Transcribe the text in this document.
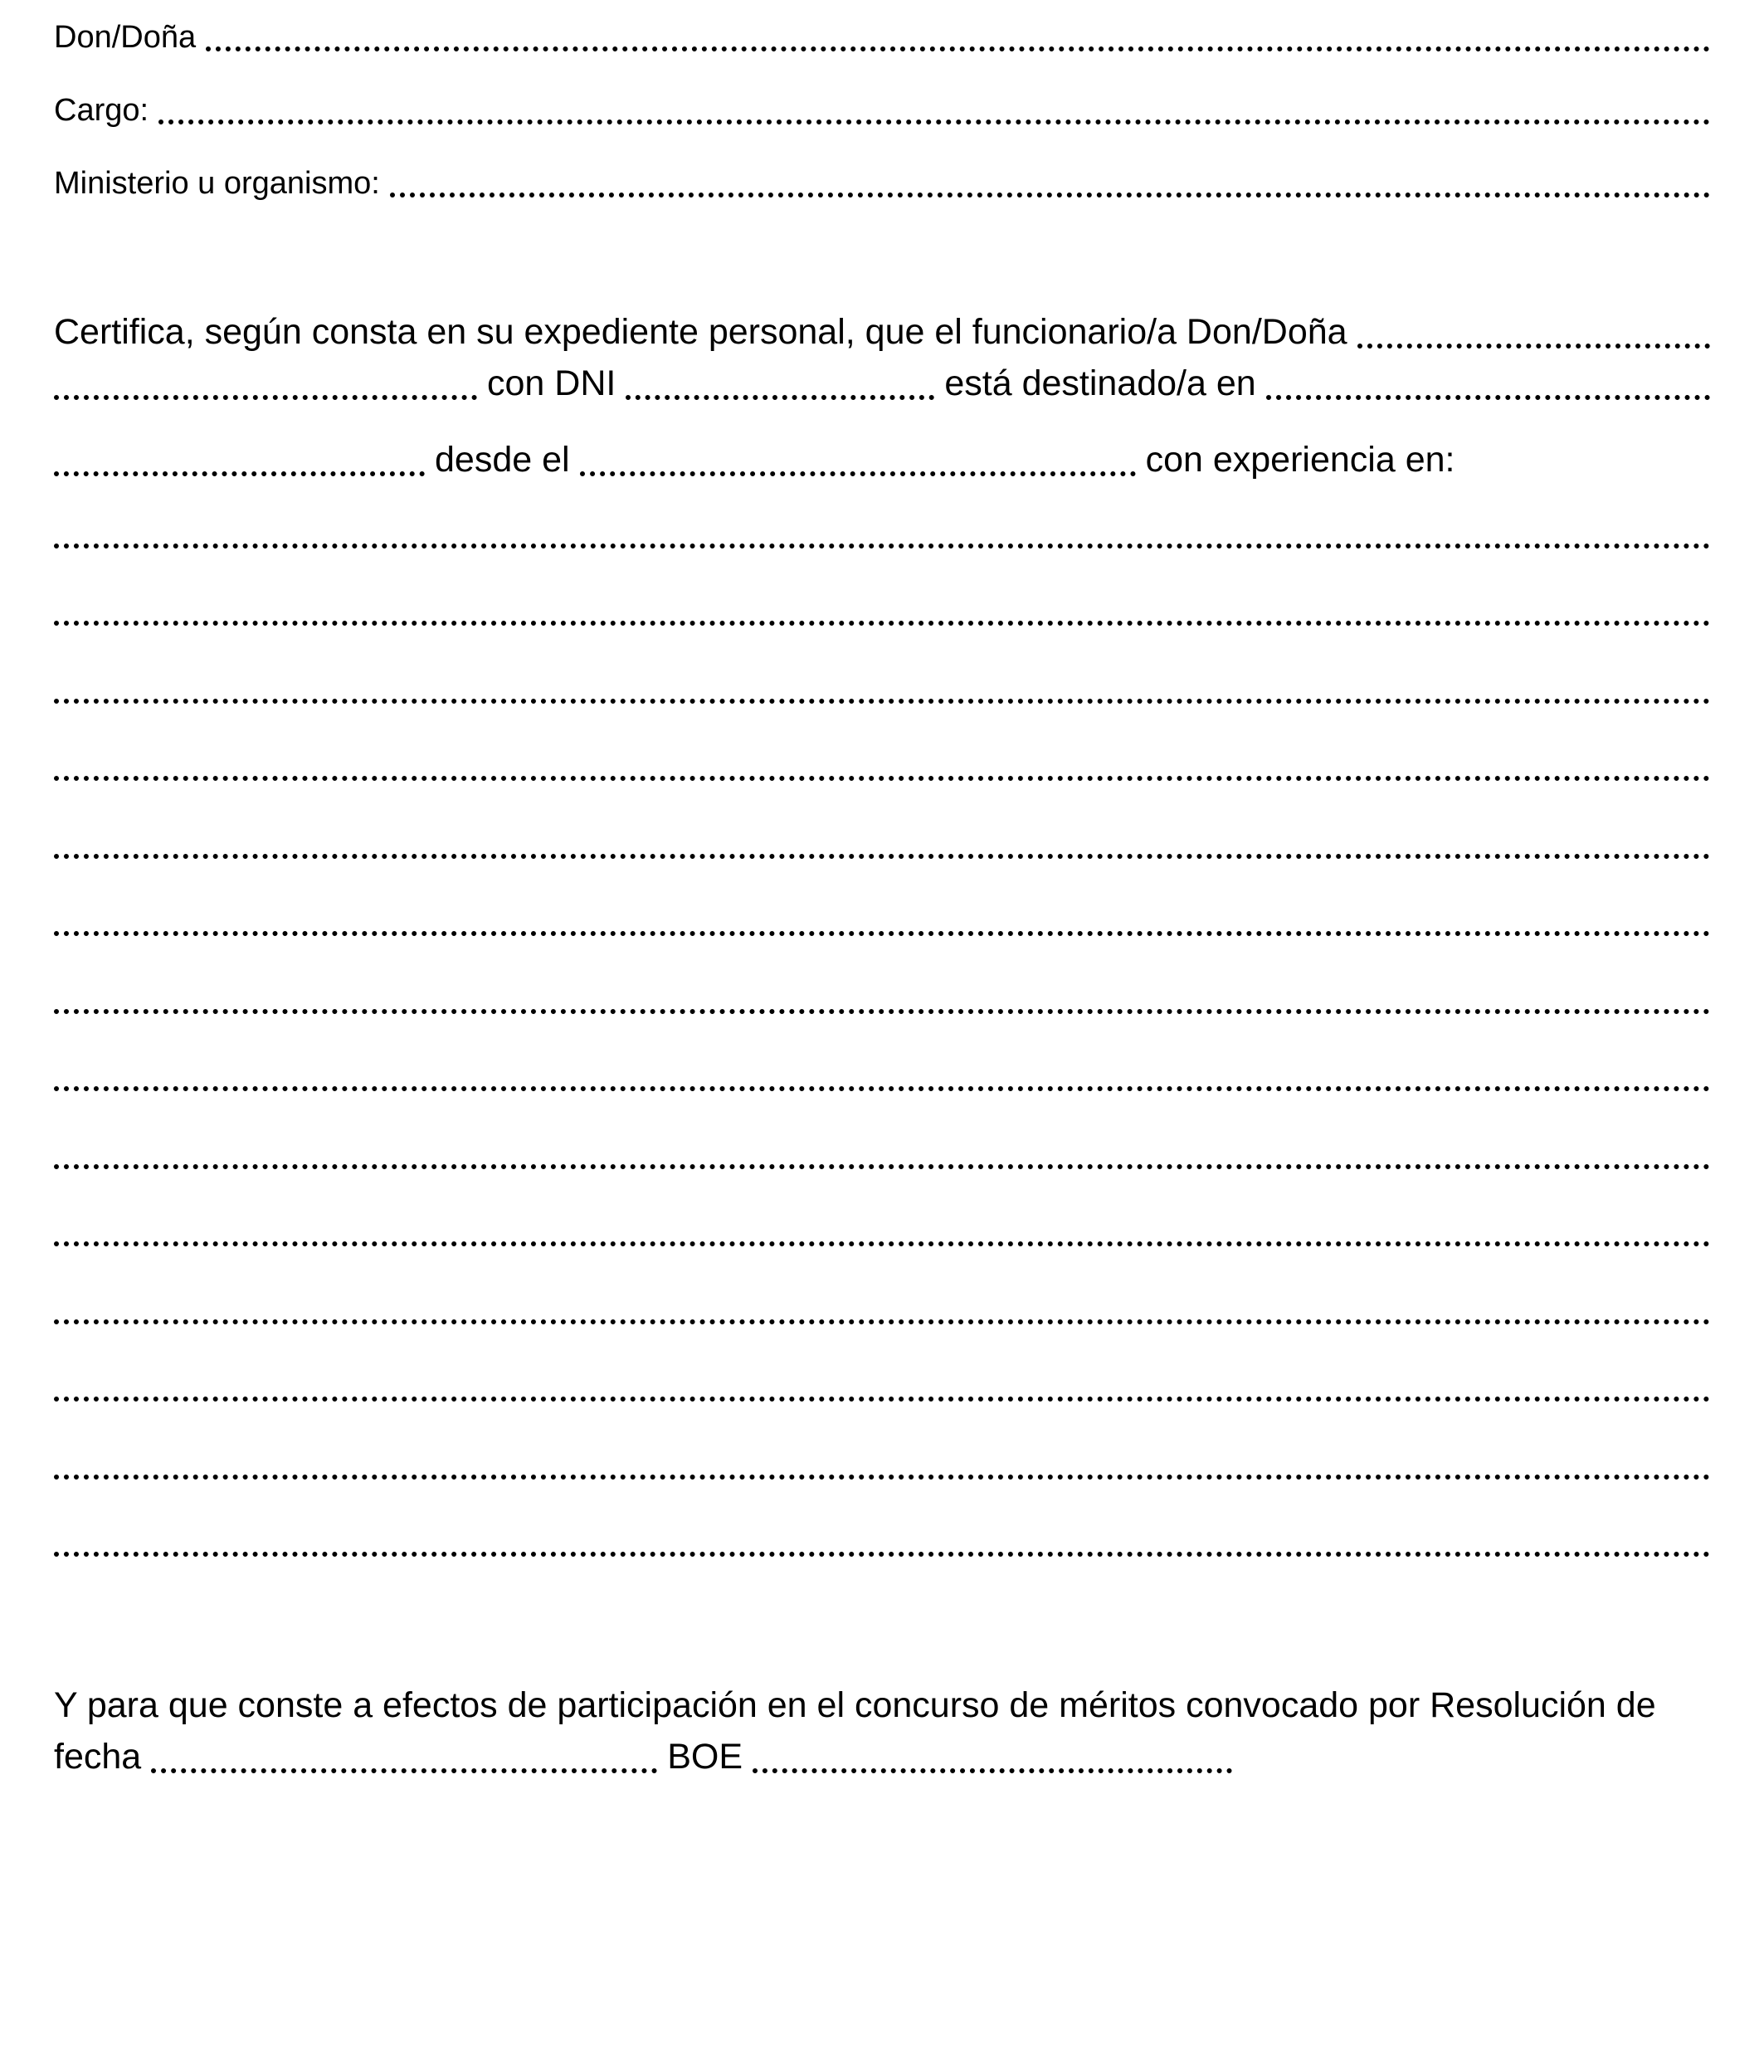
Don/Doña
Cargo:
Ministerio u organismo:
Certifica, según consta en su expediente personal, que el funcionario/a Don/Doña
con DNI	está destinado/a en
desde el	con experiencia en:
Y para que conste a efectos de participación en el concurso de méritos convocado por Resolución de
fecha	BOE
